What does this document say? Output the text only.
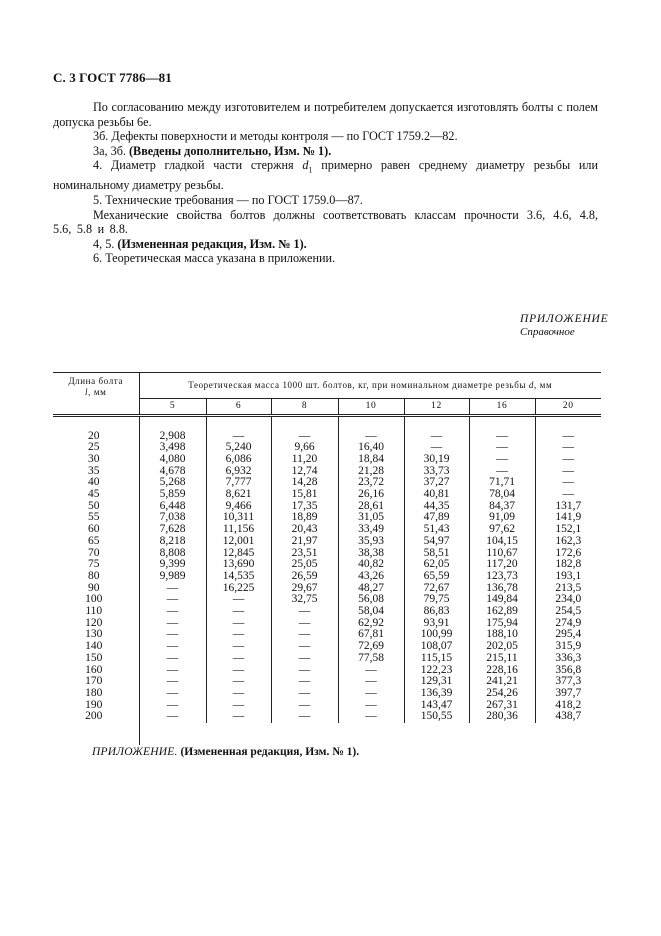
С. 3 ГОСТ 7786—81

По согласованию между изготовителем и потребителем допускается изготовлять болты с полем допуска резьбы 6е.

3б. Дефекты поверхности и методы контроля — по ГОСТ 1759.2—82.

3а, 3б. (Введены дополнительно, Изм. № 1).

4. Диаметр гладкой части стержня $d_1$ примерно равен среднему диаметру резьбы или номинальному диаметру резьбы.

5. Технические требования — по ГОСТ 1759.0—87.

Механические свойства болтов должны соответствовать классам прочности 3.6, 4.6, 4.8, 5.6, 5.8 и 8.8.

4, 5. (Измененная редакция, Изм. № 1).

6. Теоретическая масса указана в приложении.

ПРИЛОЖЕНИЕ
Справочное
Длина болта
l, мм	Теоретическая масса 1000 шт. болтов, кг, при номинальном диаметре резьбы d, мм						
	5	6	8	10	12	16	20
20	2,908	—	—	—	—	—	—
25	3,498	5,240	9,66	16,40	—	—	—
30	4,080	6,086	11,20	18,84	30,19	—	—
35	4,678	6,932	12,74	21,28	33,73	—	—
40	5,268	7,777	14,28	23,72	37,27	71,71	—
45	5,859	8,621	15,81	26,16	40,81	78,04	—
50	6,448	9,466	17,35	28,61	44,35	84,37	131,7
55	7,038	10,311	18,89	31,05	47,89	91,09	141,9
60	7,628	11,156	20,43	33,49	51,43	97,62	152,1
65	8,218	12,001	21,97	35,93	54,97	104,15	162,3
70	8,808	12,845	23,51	38,38	58,51	110,67	172,6
75	9,399	13,690	25,05	40,82	62,05	117,20	182,8
80	9,989	14,535	26,59	43,26	65,59	123,73	193,1
90	—	16,225	29,67	48,27	72,67	136,78	213,5
100	—	—	32,75	56,08	79,75	149,84	234,0
110	—	—	—	58,04	86,83	162,89	254,5
120	—	—	—	62,92	93,91	175,94	274,9
130	—	—	—	67,81	100,99	188,10	295,4
140	—	—	—	72,69	108,07	202,05	315,9
150	—	—	—	77,58	115,15	215,11	336,3
160	—	—	—	—	122,23	228,16	356,8
170	—	—	—	—	129,31	241,21	377,3
180	—	—	—	—	136,39	254,26	397,7
190	—	—	—	—	143,47	267,31	418,2
200	—	—	—	—	150,55	280,36	438,7

ПРИЛОЖЕНИЕ. (Измененная редакция, Изм. № 1).
